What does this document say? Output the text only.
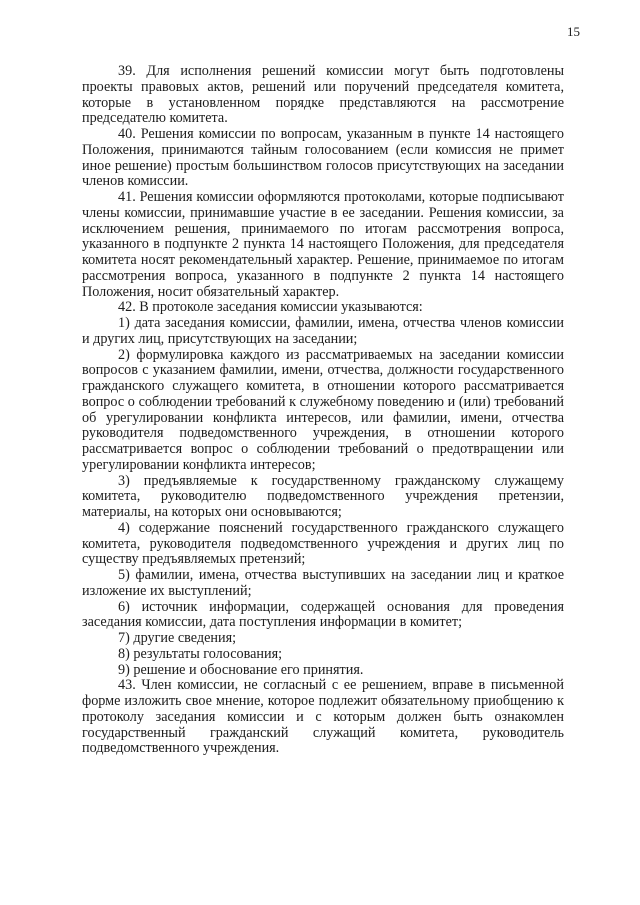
15

39. Для исполнения решений комиссии могут быть подготовлены проекты правовых актов, решений или поручений председателя комитета, которые в установленном порядке представляются на рассмотрение председателю комитета.

40. Решения комиссии по вопросам, указанным в пункте 14 настоящего Положения, принимаются тайным голосованием (если комиссия не примет иное решение) простым большинством голосов присутствующих на заседании членов комиссии.

41. Решения комиссии оформляются протоколами, которые подписывают члены комиссии, принимавшие участие в ее заседании. Решения комиссии, за исключением решения, принимаемого по итогам рассмотрения вопроса, указанного в подпункте 2 пункта 14 настоящего Положения, для председателя комитета носят рекомендательный характер. Решение, принимаемое по итогам рассмотрения вопроса, указанного в подпункте 2 пункта 14 настоящего Положения, носит обязательный характер.

42. В протоколе заседания комиссии указываются:

1) дата заседания комиссии, фамилии, имена, отчества членов комиссии и других лиц, присутствующих на заседании;

2) формулировка каждого из рассматриваемых на заседании комиссии вопросов с указанием фамилии, имени, отчества, должности государственного гражданского служащего комитета, в отношении которого рассматривается вопрос о соблюдении требований к служебному поведению и (или) требований об урегулировании конфликта интересов, или фамилии, имени, отчества руководителя подведомственного учреждения, в отношении которого рассматривается вопрос о соблюдении требований о предотвращении или урегулировании конфликта интересов;

3) предъявляемые к государственному гражданскому служащему комитета, руководителю подведомственного учреждения претензии, материалы, на которых они основываются;

4) содержание пояснений государственного гражданского служащего комитета, руководителя подведомственного учреждения и других лиц по существу предъявляемых претензий;

5) фамилии, имена, отчества выступивших на заседании лиц и краткое изложение их выступлений;

6) источник информации, содержащей основания для проведения заседания комиссии, дата поступления информации в комитет;

7) другие сведения;

8) результаты голосования;

9) решение и обоснование его принятия.

43. Член комиссии, не согласный с ее решением, вправе в письменной форме изложить свое мнение, которое подлежит обязательному приобщению к протоколу заседания комиссии и с которым должен быть ознакомлен государственный гражданский служащий комитета, руководитель подведомственного учреждения.
